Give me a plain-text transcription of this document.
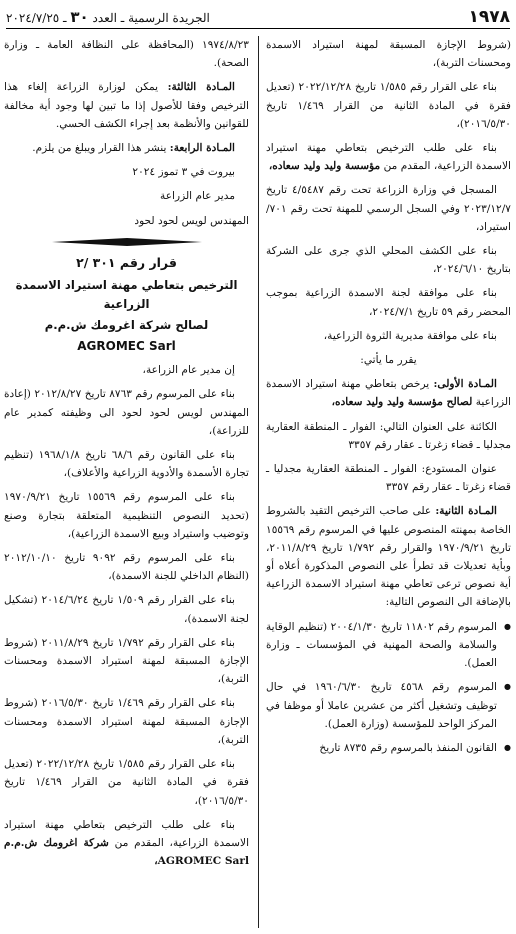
١٩٧٨
الجريدة الرسمية ـ العدد ٣٠ ـ ٢٠٢٤/٧/٢٥

(شروط الإجازة المسبقة لمهنة استيراد الاسمدة ومحسنات التربة)،

بناء على القرار رقم ١/٥٨٥ تاريخ ٢٠٢٢/١٢/٢٨ (تعديل فقرة في المادة الثانية من القرار ١/٤٦٩ تاريخ ٢٠١٦/٥/٣٠)،

بناء على طلب الترخيص بتعاطي مهنة استيراد الاسمدة الزراعية، المقدم من مؤسسة وليد وليد سعاده،

المسجل في وزارة الزراعة تحت رقم ٤/٥٤٨٧ تاريخ ٢٠٢٣/١٢/٧ وفي السجل الرسمي للمهنة تحت رقم ٧٠١/استيراد،

بناء على الكشف المحلي الذي جرى على الشركة بتاريخ ٢٠٢٤/٦/١٠،

بناء على موافقة لجنة الاسمدة الزراعية بموجب المحضر رقم ٥٩ تاريخ ٢٠٢٤/٧/١،

بناء على موافقة مديرية الثروة الزراعية،

يقرر ما يأتي:

المـادة الأولى: يرخص بتعاطي مهنة استيراد الاسمدة الزراعية لصالح مؤسسة وليد وليد سعاده،

الكائنة على العنوان التالي: الفوار ـ المنطقة العقارية مجدليا ـ قضاء زغرتا ـ عقار رقم ٣٣٥٧

عنوان المستودع: الفوار ـ المنطقة العقارية مجدليا ـ قضاء زغرتا ـ عقار رقم ٣٣٥٧

المـادة الثانية: على صاحب الترخيص التقيد بالشروط الخاصة بمهنته المنصوص عليها في المرسوم رقم ١٥٥٦٩ تاريخ ١٩٧٠/٩/٢١ والقرار رقم ١/٧٩٢ تاريخ ٢٠١١/٨/٢٩، وبأية تعديلات قد تطرأ على النصوص المذكورة أعلاه أو أية نصوص ترعى تعاطي مهنة استيراد الاسمدة الزراعية بالإضافة الى النصوص التالية:

● المرسوم رقم ١١٨٠٢ تاريخ ٢٠٠٤/١/٣٠ (تنظيم الوقاية والسلامة والصحة المهنية في المؤسسات ـ وزارة العمل).

● المرسوم رقم ٤٥٦٨ تاريخ ١٩٦٠/٦/٣٠ في حال توظيف وتشغيل أكثر من عشرين عاملا أو موظفا في المركز الواحد للمؤسسة (وزارة العمل).

● القانون المنفذ بالمرسوم رقم ٨٧٣٥ تاريخ

١٩٧٤/٨/٢٣ (المحافظة على النظافة العامة ـ وزارة الصحة).

المـادة الثالثة: يمكن لوزارة الزراعة إلغاء هذا الترخيص وفقا للأصول إذا ما تبين لها وجود أية مخالفة للقوانين والأنظمة بعد إجراء الكشف الحسي.

المـادة الرابعة: ينشر هذا القرار ويبلغ من يلزم.

بيروت في ٣ تموز ٢٠٢٤

مدير عام الزراعة

المهندس لويس لحود لحود

قرار رقم ٣٠١ /٢
الترخيص بتعاطي مهنة استيراد الاسمدة الزراعية
لصالح شركة اغرومك ش.م.م
AGROMEC Sarl

إن مدير عام الزراعة،

بناء على المرسوم رقم ٨٧٦٣ تاريخ ٢٠١٢/٨/٢٧ (إعادة المهندس لويس لحود لحود الى وظيفته كمدير عام للزراعة)،

بناء على القانون رقم ٦٨/٦ تاريخ ١٩٦٨/١/٨ (تنظيم تجارة الأسمدة والأدوية الزراعية والأعلاف)،

بناء على المرسوم رقم ١٥٥٦٩ تاريخ ١٩٧٠/٩/٢١ (تحديد النصوص التنظيمية المتعلقة بتجارة وصنع وتوضيب واستيراد وبيع الاسمدة الزراعية)،

بناء على المرسوم رقم ٩٠٩٢ تاريخ ٢٠١٢/١٠/١٠ (النظام الداخلي للجنة الاسمدة)،

بناء على القرار رقم ١/٥٠٩ تاريخ ٢٠١٤/٦/٢٤ (تشكيل لجنة الاسمدة)،

بناء على القرار رقم ١/٧٩٢ تاريخ ٢٠١١/٨/٢٩ (شروط الإجازة المسبقة لمهنة استيراد الاسمدة ومحسنات التربة)،

بناء على القرار رقم ١/٤٦٩ تاريخ ٢٠١٦/٥/٣٠ (شروط الإجازة المسبقة لمهنة استيراد الاسمدة ومحسنات التربة)،

بناء على القرار رقم ١/٥٨٥ تاريخ ٢٠٢٢/١٢/٢٨ (تعديل فقرة في المادة الثانية من القرار ١/٤٦٩ تاريخ ٢٠١٦/٥/٣٠)،

بناء على طلب الترخيص بتعاطي مهنة استيراد الاسمدة الزراعية، المقدم من شركة اغرومك ش.م.م AGROMEC Sarl،
